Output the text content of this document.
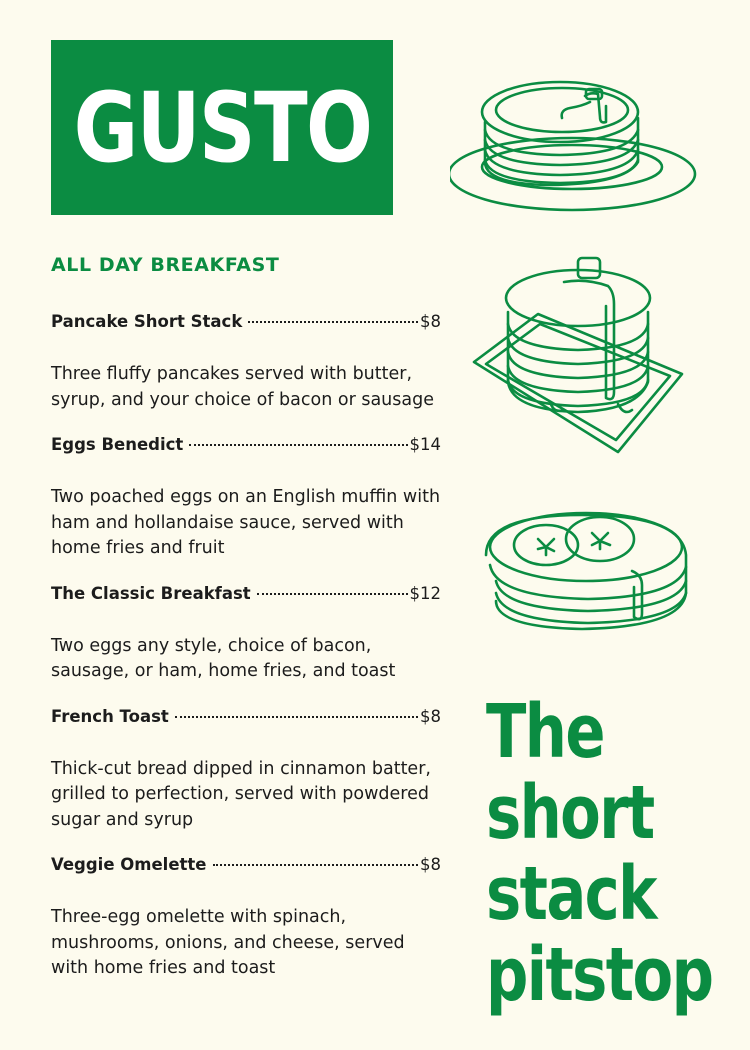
GUSTO
ALL DAY BREAKFAST
Pancake Short Stack	$8
Three fluffy pancakes served with butter, syrup, and your choice of bacon or sausage
Eggs Benedict	$14
Two poached eggs on an English muffin with ham and hollandaise sauce, served with home fries and fruit
The Classic Breakfast	$12
Two eggs any style, choice of bacon, sausage, or ham, home fries, and toast
French Toast	$8
Thick-cut bread dipped in cinnamon batter, grilled to perfection, served with powdered sugar and syrup
Veggie Omelette	$8
Three-egg omelette with spinach, mushrooms, onions, and cheese, served with home fries and toast
The
short
stack
pitstop
